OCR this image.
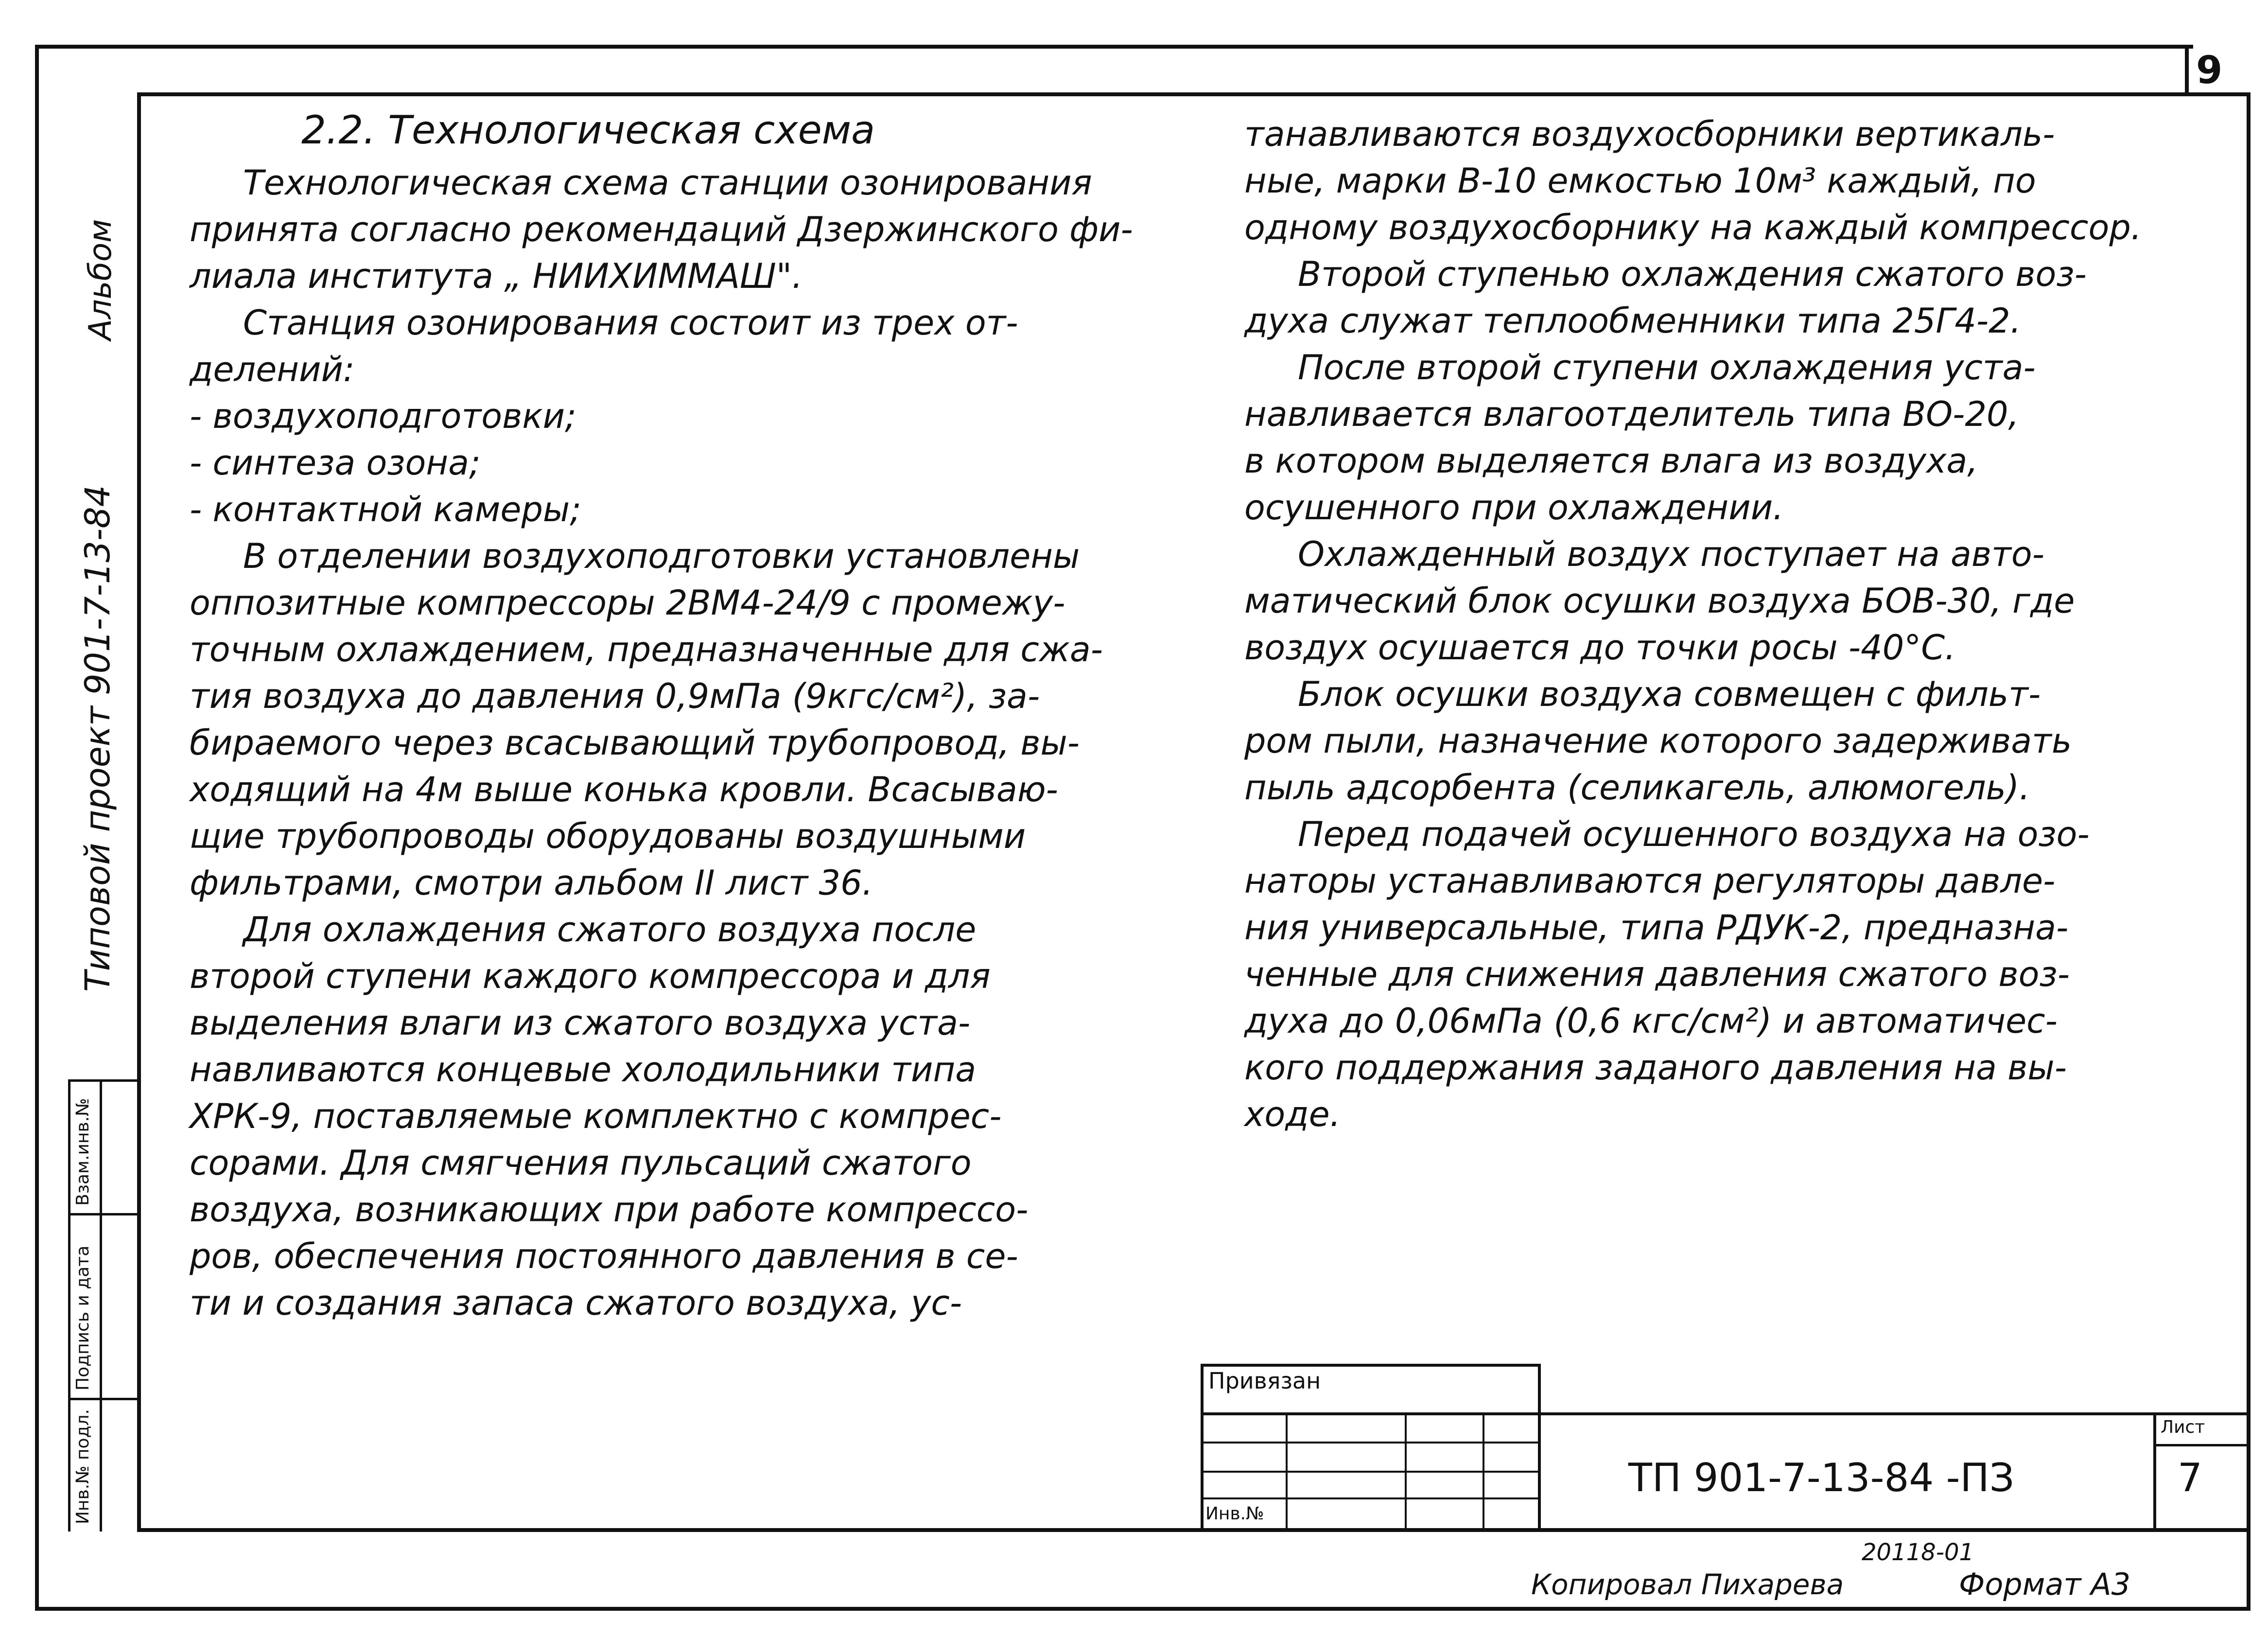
9
Альбом
Типовой проект 901-7-13-84
Инв.№ подл.
Подпись и дата
Взам.инв.№
2.2. Технологическая схема
Технологическая схема станции озонирования
принята согласно рекомендаций Дзержинского фи-
лиала института „ НИИХИММАШ".
Станция озонирования состоит из трех от-
делений:
- воздухоподготовки;
- синтеза озона;
- контактной камеры;
В отделении воздухоподготовки установлены
оппозитные компрессоры 2ВМ4-24/9 с промежу-
точным охлаждением, предназначенные для сжа-
тия воздуха до давления 0,9мПа (9кгс/см²), за-
бираемого через всасывающий трубопровод, вы-
ходящий на 4м выше конька кровли. Всасываю-
щие трубопроводы оборудованы воздушными
фильтрами, смотри альбом II лист 36.
Для охлаждения сжатого воздуха после
второй ступени каждого компрессора и для
выделения влаги из сжатого воздуха уста-
навливаются концевые холодильники типа
ХРК-9, поставляемые комплектно с компрес-
сорами. Для смягчения пульсаций сжатого
воздуха, возникающих при работе компрессо-
ров, обеспечения постоянного давления в се-
ти и создания запаса сжатого воздуха, ус-
танавливаются воздухосборники вертикаль-
ные, марки В-10 емкостью 10м³ каждый, по
одному воздухосборнику на каждый компрессор.
Второй ступенью охлаждения сжатого воз-
духа служат теплообменники типа 25Г4-2.
После второй ступени охлаждения уста-
навливается влагоотделитель типа ВО-20,
в котором выделяется влага из воздуха,
осушенного при охлаждении.
Охлажденный воздух поступает на авто-
матический блок осушки воздуха БОВ-30, где
воздух осушается до точки росы -40°С.
Блок осушки воздуха совмещен с фильт-
ром пыли, назначение которого задерживать
пыль адсорбента (селикагель, алюмогель).
Перед подачей осушенного воздуха на озо-
наторы устанавливаются регуляторы давле-
ния универсальные, типа РДУК-2, предназна-
ченные для снижения давления сжатого воз-
духа до 0,06мПа (0,6 кгс/см²) и автоматичес-
кого поддержания заданого давления на вы-
ходе.
Привязан
Инв.№
ТП 901-7-13-84 -ПЗ
Лист
7
20118-01
Копировал Пихарева	Формат А3
